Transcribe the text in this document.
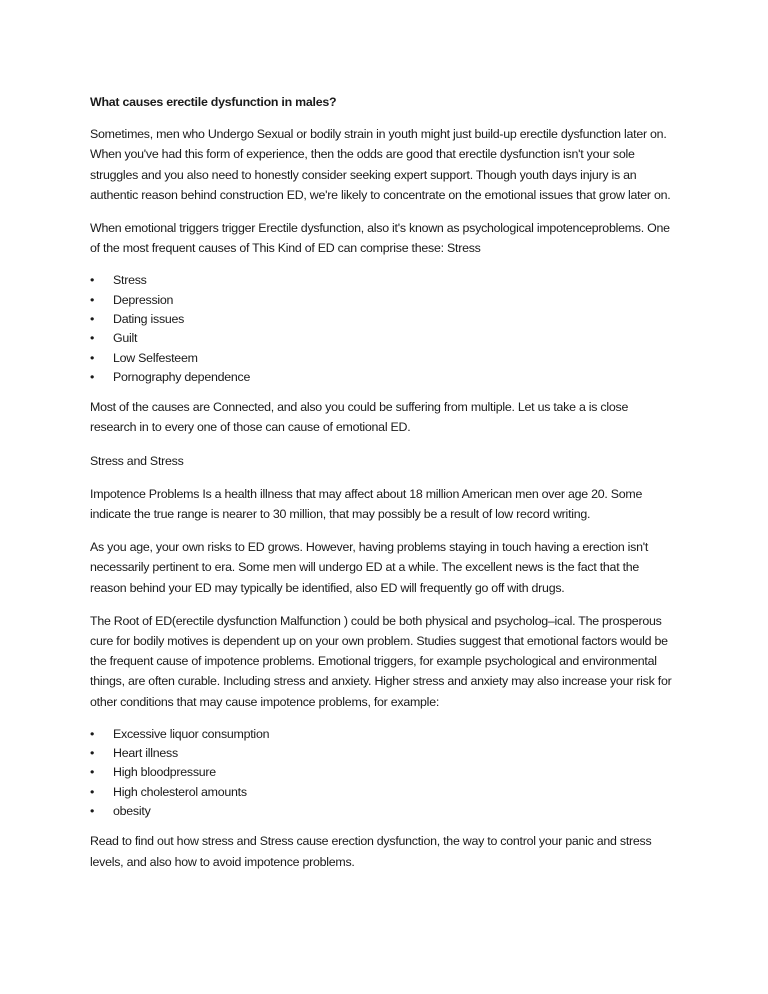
What causes erectile dysfunction in males?

Sometimes, men who Undergo Sexual or bodily strain in youth might just build-up erectile dysfunction later on. When you've had this form of experience, then the odds are good that erectile dysfunction isn't your sole struggles and you also need to honestly consider seeking expert support. Though youth days injury is an authentic reason behind construction ED, we're likely to concentrate on the emotional issues that grow later on.

When emotional triggers trigger Erectile dysfunction, also it's known as psychological impotenceproblems. One of the most frequent causes of This Kind of ED can comprise these: Stress

• Stress
• Depression
• Dating issues
• Guilt
• Low Selfesteem
• Pornography dependence

Most of the causes are Connected, and also you could be suffering from multiple. Let us take a is close research in to every one of those can cause of emotional ED.

Stress and Stress

Impotence Problems Is a health illness that may affect about 18 million American men over age 20. Some indicate the true range is nearer to 30 million, that may possibly be a result of low record writing.

As you age, your own risks to ED grows. However, having problems staying in touch having a erection isn't necessarily pertinent to era. Some men will undergo ED at a while. The excellent news is the fact that the reason behind your ED may typically be identified, also ED will frequently go off with drugs.

The Root of ED(erectile dysfunction Malfunction ) could be both physical and psycholog–ical. The prosperous cure for bodily motives is dependent up on your own problem. Studies suggest that emotional factors would be the frequent cause of impotence problems. Emotional triggers, for example psychological and environmental things, are often curable. Including stress and anxiety. Higher stress and anxiety may also increase your risk for other conditions that may cause impotence problems, for example:

• Excessive liquor consumption
• Heart illness
• High bloodpressure
• High cholesterol amounts
• obesity

Read to find out how stress and Stress cause erection dysfunction, the way to control your panic and stress levels, and also how to avoid impotence problems.
